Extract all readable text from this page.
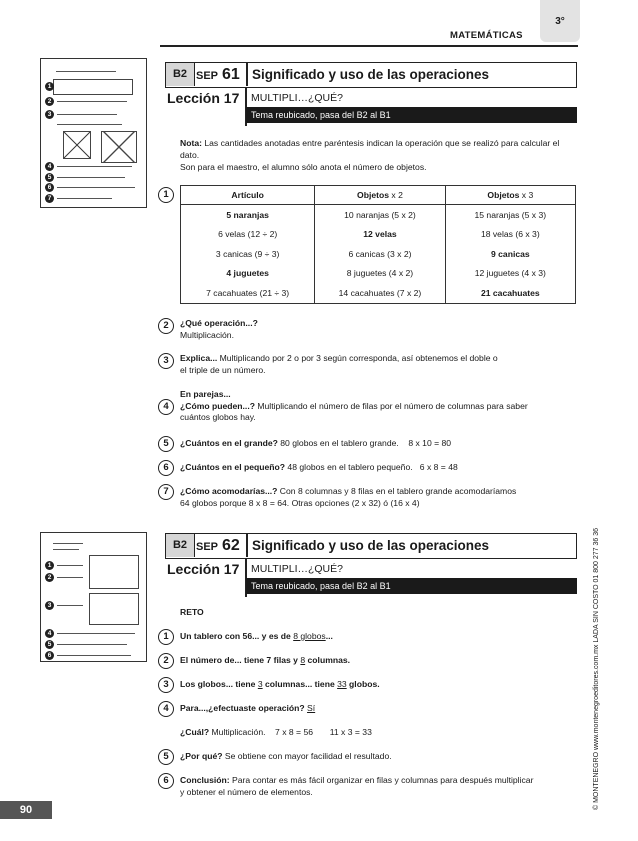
MATEMÁTICAS
3°
1
2
3
4
5
6
7
B2 SEP 61 Significado y uso de las operaciones
Lección 17 MULTIPLI…¿QUÉ?
Tema reubicado, pasa del B2 al B1
Nota: Las cantidades anotadas entre paréntesis indican la operación que se realizó para calcular el dato.
Son para el maestro, el alumno sólo anota el número de objetos.
1	Artículo	Objetos x 2	Objetos x 3
5 naranjas	10 naranjas (5 x 2)	15 naranjas (5 x 3)
6 velas (12 ÷ 2)	12 velas	18 velas (6 x 3)
3 canicas (9 ÷ 3)	6 canicas (3 x 2)	9 canicas
4 juguetes	8 juguetes (4 x 2)	12 juguetes (4 x 3)
7 cacahuates (21 ÷ 3)	14 cacahuates (7 x 2)	21 cacahuates
2	¿Qué operación...?
Multiplicación.
3	Explica... Multiplicando por 2 o por 3 según corresponda, así obtenemos el doble o
el triple de un número.
4
En parejas...
¿Cómo pueden...? Multiplicando el número de filas por el número de columnas para saber
cuántos globos hay.
5	¿Cuántos en el grande? 80 globos en el tablero grande.    8 x 10 = 80
6	¿Cuántos en el pequeño? 48 globos en el tablero pequeño.   6 x 8 = 48
7	¿Cómo acomodarías...? Con 8 columnas y 8 filas en el tablero grande acomodaríamos
64 globos porque 8 x 8 = 64. Otras opciones (2 x 32) ó (16 x 4)
1
2
3
4
5
6
B2 SEP 62 Significado y uso de las operaciones
Lección 17 MULTIPLI…¿QUÉ?
Tema reubicado, pasa del B2 al B1
RETO
1	Un tablero con 56... y es de 8 globos...
2	El número de... tiene 7 filas y 8 columnas.
3	Los globos... tiene 3 columnas... tiene 33 globos.
4	Para...,¿efectuaste operación? Sí
¿Cuál? Multiplicación.    7 x 8 = 56       11 x 3 = 33
5	¿Por qué? Se obtiene con mayor facilidad el resultado.
6	Conclusión: Para contar es más fácil organizar en filas y columnas para después multiplicar
y obtener el número de elementos.	© MONTENEGRO www.montenegroeditores.com.mx LADA SIN COSTO 01 800 277 36 36
90
